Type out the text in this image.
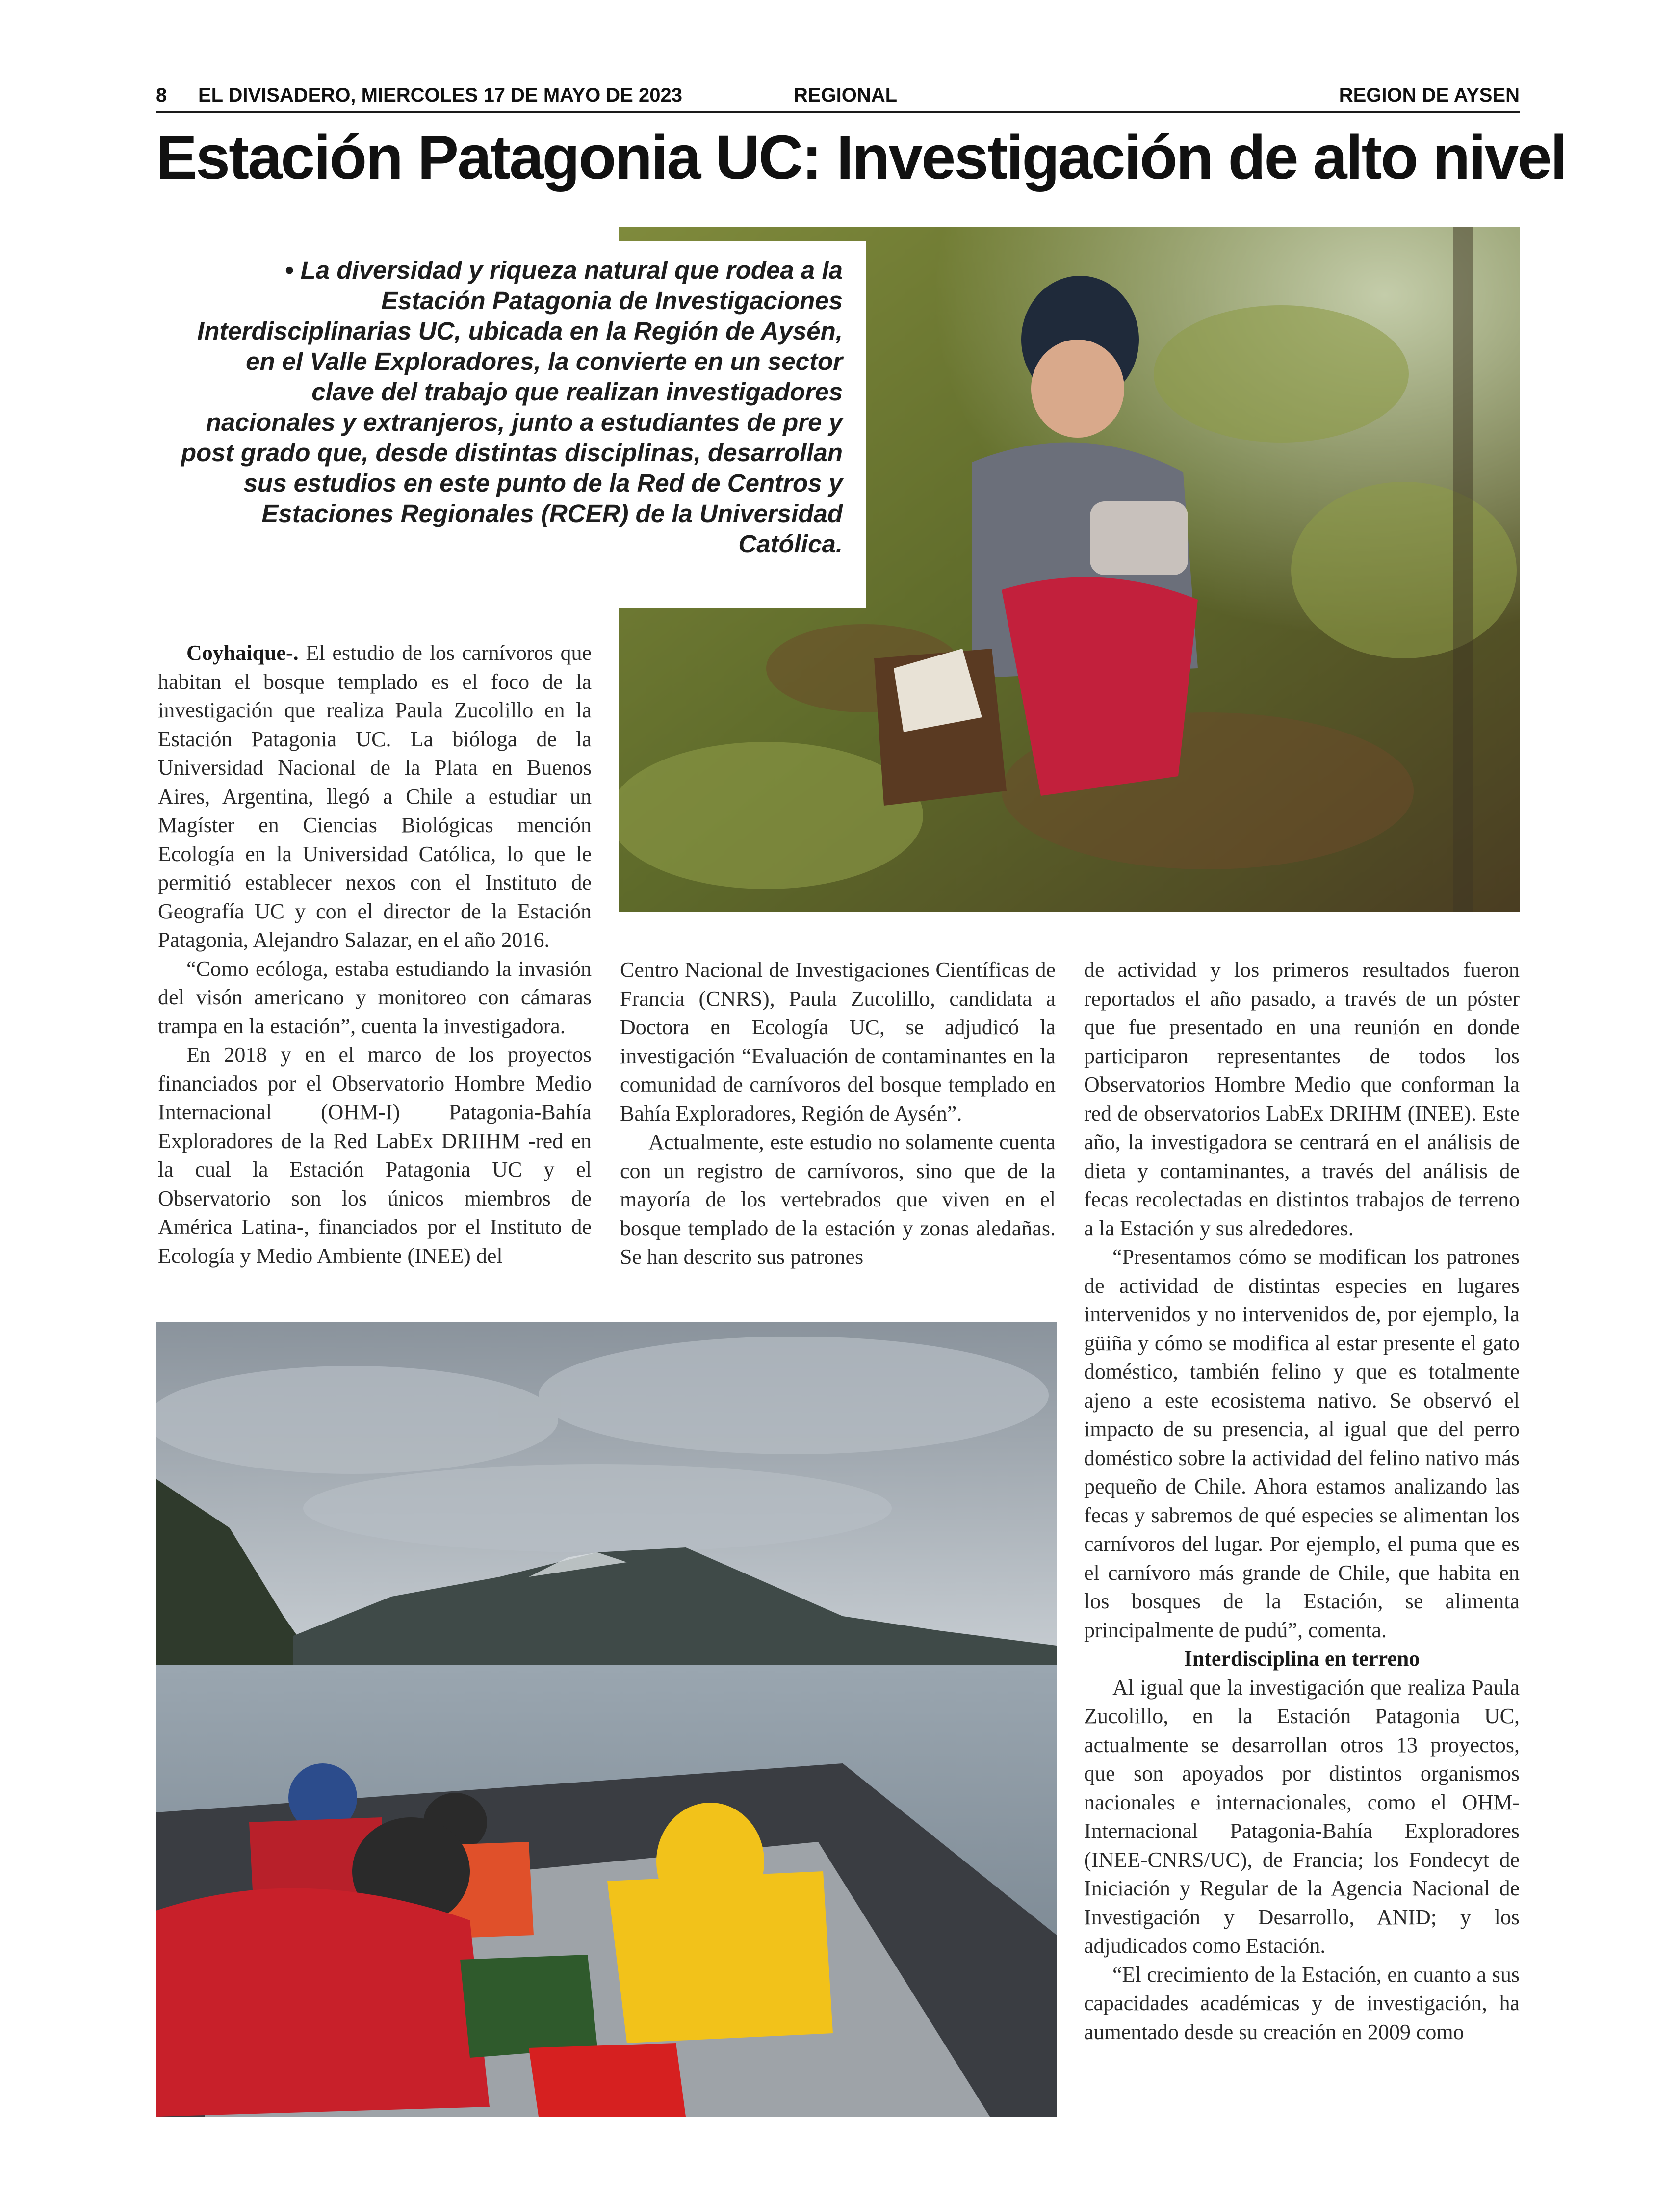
8 EL DIVISADERO, MIERCOLES 17 DE MAYO DE 2023	REGIONAL	REGION DE AYSEN
Estación Patagonia UC: Investigación de alto nivel
• La diversidad y riqueza natural que rodea a la Estación Patagonia de Investigaciones Interdisciplinarias UC, ubicada en la Región de Aysén, en el Valle Exploradores, la convierte en un sector clave del trabajo que realizan investigadores nacionales y extranjeros, junto a estudiantes de pre y post grado que, desde distintas disciplinas, desarrollan sus estudios en este punto de la Red de Centros y Estaciones Regionales (RCER) de la Universidad Católica.

Coyhaique-. El estudio de los carnívoros que habitan el bosque templado es el foco de la investigación que realiza Paula Zucolillo en la Estación Patagonia UC. La bióloga de la Universidad Nacional de la Plata en Buenos Aires, Argentina, llegó a Chile a estudiar un Magíster en Ciencias Biológicas mención Ecología en la Universidad Católica, lo que le permitió establecer nexos con el Instituto de Geografía UC y con el director de la Estación Patagonia, Alejandro Salazar, en el año 2016.

“Como ecóloga, estaba estudiando la invasión del visón americano y monitoreo con cámaras trampa en la estación”, cuenta la investigadora.

En 2018 y en el marco de los proyectos financiados por el Observatorio Hombre Medio Internacional (OHM-I) Patagonia-Bahía Exploradores de la Red LabEx DRIIHM -red en la cual la Estación Patagonia UC y el Observatorio son los únicos miembros de América Latina-, financiados por el Instituto de Ecología y Medio Ambiente (INEE) del

Centro Nacional de Investigaciones Científicas de Francia (CNRS), Paula Zucolillo, candidata a Doctora en Ecología UC, se adjudicó la investigación “Evaluación de contaminantes en la comunidad de carnívoros del bosque templado en Bahía Exploradores, Región de Aysén”.

Actualmente, este estudio no solamente cuenta con un registro de carnívoros, sino que de la mayoría de los vertebrados que viven en el bosque templado de la estación y zonas aledañas. Se han descrito sus patrones

de actividad y los primeros resultados fueron reportados el año pasado, a través de un póster que fue presentado en una reunión en donde participaron representantes de todos los Observatorios Hombre Medio que conforman la red de observatorios LabEx DRIHM (INEE). Este año, la investigadora se centrará en el análisis de dieta y contaminantes, a través del análisis de fecas recolectadas en distintos trabajos de terreno a la Estación y sus alrededores.

“Presentamos cómo se modifican los patrones de actividad de distintas especies en lugares intervenidos y no intervenidos de, por ejemplo, la güiña y cómo se modifica al estar presente el gato doméstico, también felino y que es totalmente ajeno a este ecosistema nativo. Se observó el impacto de su presencia, al igual que del perro doméstico sobre la actividad del felino nativo más pequeño de Chile. Ahora estamos analizando las fecas y sabremos de qué especies se alimentan los carnívoros del lugar. Por ejemplo, el puma que es el carnívoro más grande de Chile, que habita en los bosques de la Estación, se alimenta principalmente de pudú”, comenta.

Interdisciplina en terreno

Al igual que la investigación que realiza Paula Zucolillo, en la Estación Patagonia UC, actualmente se desarrollan otros 13 proyectos, que son apoyados por distintos organismos nacionales e internacionales, como el OHM-Internacional Patagonia-Bahía Exploradores (INEE-CNRS/UC), de Francia; los Fondecyt de Iniciación y Regular de la Agencia Nacional de Investigación y Desarrollo, ANID; y los adjudicados como Estación.

“El crecimiento de la Estación, en cuanto a sus capacidades académicas y de investigación, ha aumentado desde su creación en 2009 como
